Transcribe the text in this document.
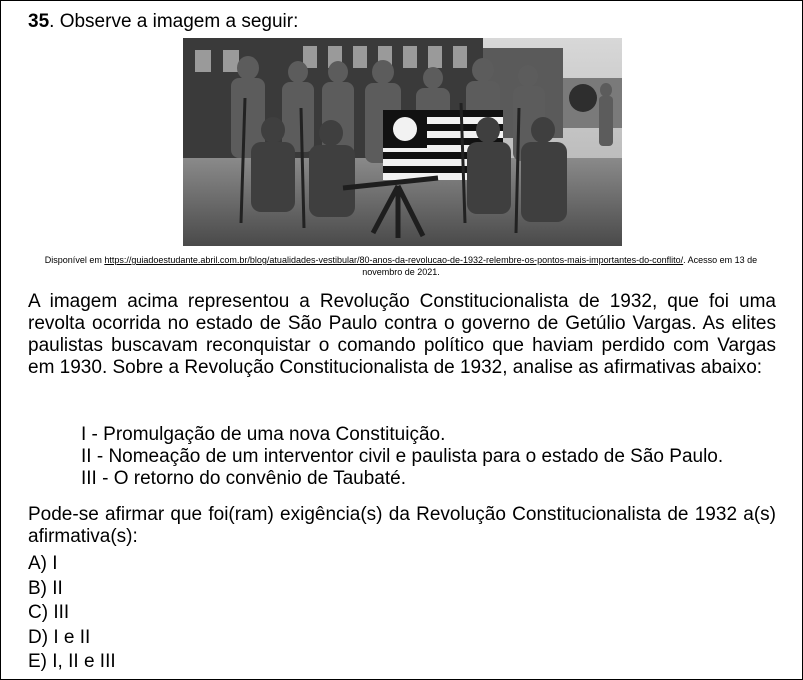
35. Observe a imagem a seguir:
Disponível em https://guiadoestudante.abril.com.br/blog/atualidades-vestibular/80-anos-da-revolucao-de-1932-relembre-os-pontos-mais-importantes-do-conflito/. Acesso em 13 de novembro de 2021.
A imagem acima representou a Revolução Constitucionalista de 1932, que foi uma revolta ocorrida no estado de São Paulo contra o governo de Getúlio Vargas. As elites paulistas buscavam reconquistar o comando político que haviam perdido com Vargas em 1930. Sobre a Revolução Constitucionalista de 1932, analise as afirmativas abaixo:
I - Promulgação de uma nova Constituição.
II - Nomeação de um interventor civil e paulista para o estado de São Paulo.
III - O retorno do convênio de Taubaté.
Pode-se afirmar que foi(ram) exigência(s) da Revolução Constitucionalista de 1932 a(s) afirmativa(s):
A) I
B) II
C) III
D) I e II
E) I, II e III
